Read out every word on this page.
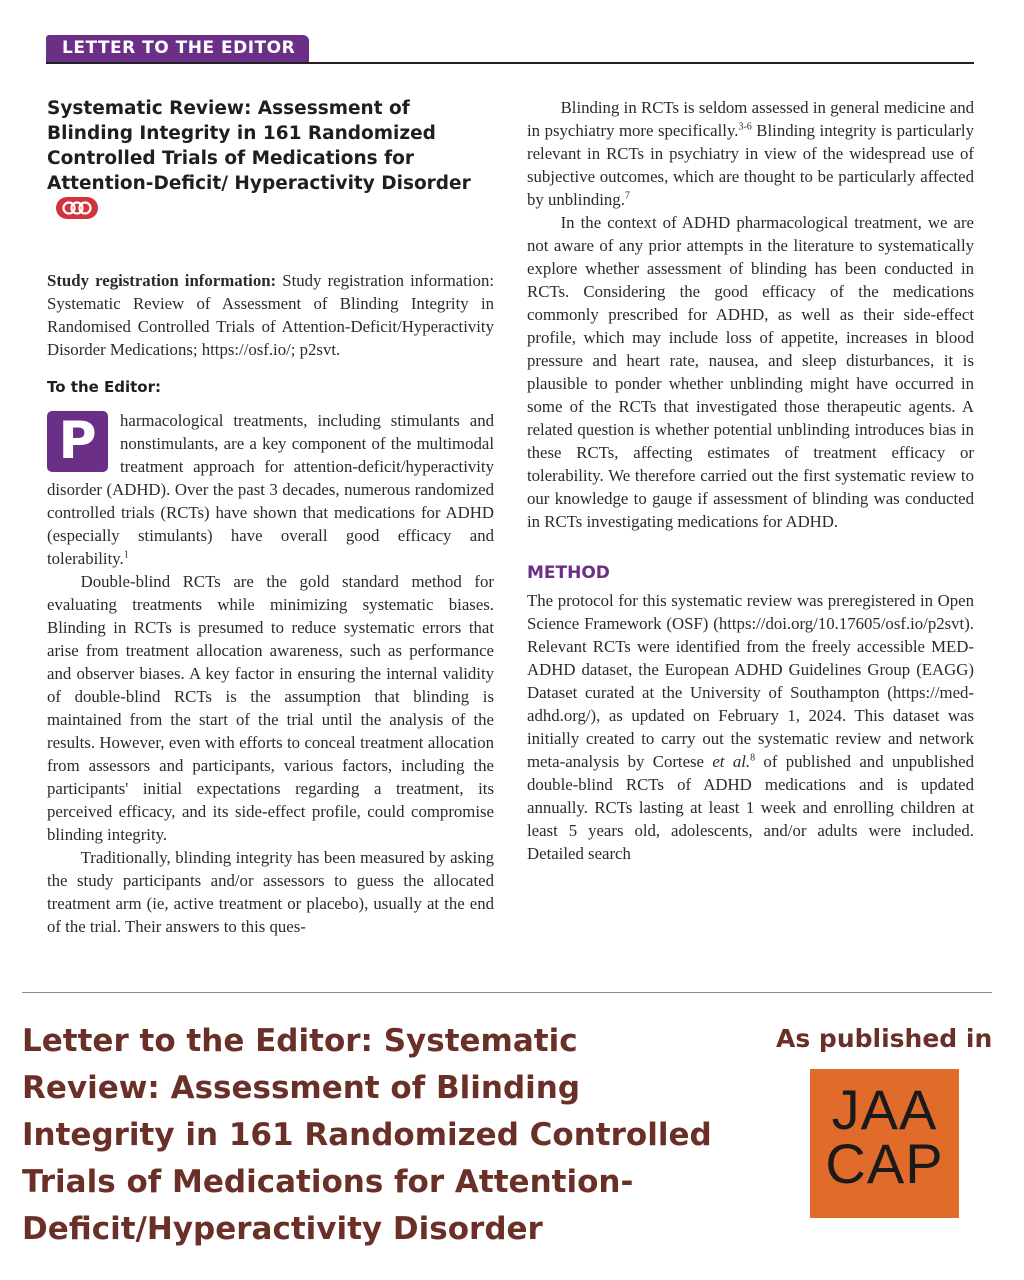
LETTER TO THE EDITOR
Systematic Review: Assessment of Blinding Integrity in 161 Randomized Controlled Trials of Medications for Attention-Deficit/ Hyperactivity Disorder

Study registration information: Study registration information: Systematic Review of Assessment of Blinding Integrity in Randomised Controlled Trials of Attention-Deficit/Hyperactivity Disorder Medications; https://osf.io/; p2svt.

To the Editor:

P	harmacological treatments, including stimulants and nonstimulants, are a key component of the multimodal treatment approach for attention-deficit/hyperactivity disorder (ADHD). Over the past 3 decades, numerous randomized controlled trials (RCTs) have shown that medications for ADHD (especially stimulants) have overall good efficacy and tolerability.$^1$

Double-blind RCTs are the gold standard method for evaluating treatments while minimizing systematic biases. Blinding in RCTs is presumed to reduce systematic errors that arise from treatment allocation awareness, such as performance and observer biases. A key factor in ensuring the internal validity of double-blind RCTs is the assumption that blinding is maintained from the start of the trial until the analysis of the results. However, even with efforts to conceal treatment allocation from assessors and participants, various factors, including the participants' initial expectations regarding a treatment, its perceived efficacy, and its side-effect profile, could compromise blinding integrity.

Traditionally, blinding integrity has been measured by asking the study participants and/or assessors to guess the allocated treatment arm (ie, active treatment or placebo), usually at the end of the trial. Their answers to this ques-

Blinding in RCTs is seldom assessed in general medicine and in psychiatry more specifically.$^{3-6}$ Blinding integrity is particularly relevant in RCTs in psychiatry in view of the widespread use of subjective outcomes, which are thought to be particularly affected by unblinding.$^7$

In the context of ADHD pharmacological treatment, we are not aware of any prior attempts in the literature to systematically explore whether assessment of blinding has been conducted in RCTs. Considering the good efficacy of the medications commonly prescribed for ADHD, as well as their side-effect profile, which may include loss of appetite, increases in blood pressure and heart rate, nausea, and sleep disturbances, it is plausible to ponder whether unblinding might have occurred in some of the RCTs that investigated those therapeutic agents. A related question is whether potential unblinding introduces bias in these RCTs, affecting estimates of treatment efficacy or tolerability. We therefore carried out the first systematic review to our knowledge to gauge if assessment of blinding was conducted in RCTs investigating medications for ADHD.

METHOD

The protocol for this systematic review was preregistered in Open Science Framework (OSF) (https://doi.org/10.17605/osf.io/p2svt). Relevant RCTs were identified from the freely accessible MED-ADHD dataset, the European ADHD Guidelines Group (EAGG) Dataset curated at the University of Southampton (https://med-adhd.org/), as updated on February 1, 2024. This dataset was initially created to carry out the systematic review and network meta-analysis by Cortese et al.$^8$ of published and unpublished double-blind RCTs of ADHD medications and is updated annually. RCTs lasting at least 1 week and enrolling children at least 5 years old, adolescents, and/or adults were included. Detailed search

Letter to the Editor: Systematic Review: Assessment of Blinding Integrity in 161 Randomized Controlled Trials of Medications for Attention-Deficit/Hyperactivity Disorder
As published in
JAA
CAP
